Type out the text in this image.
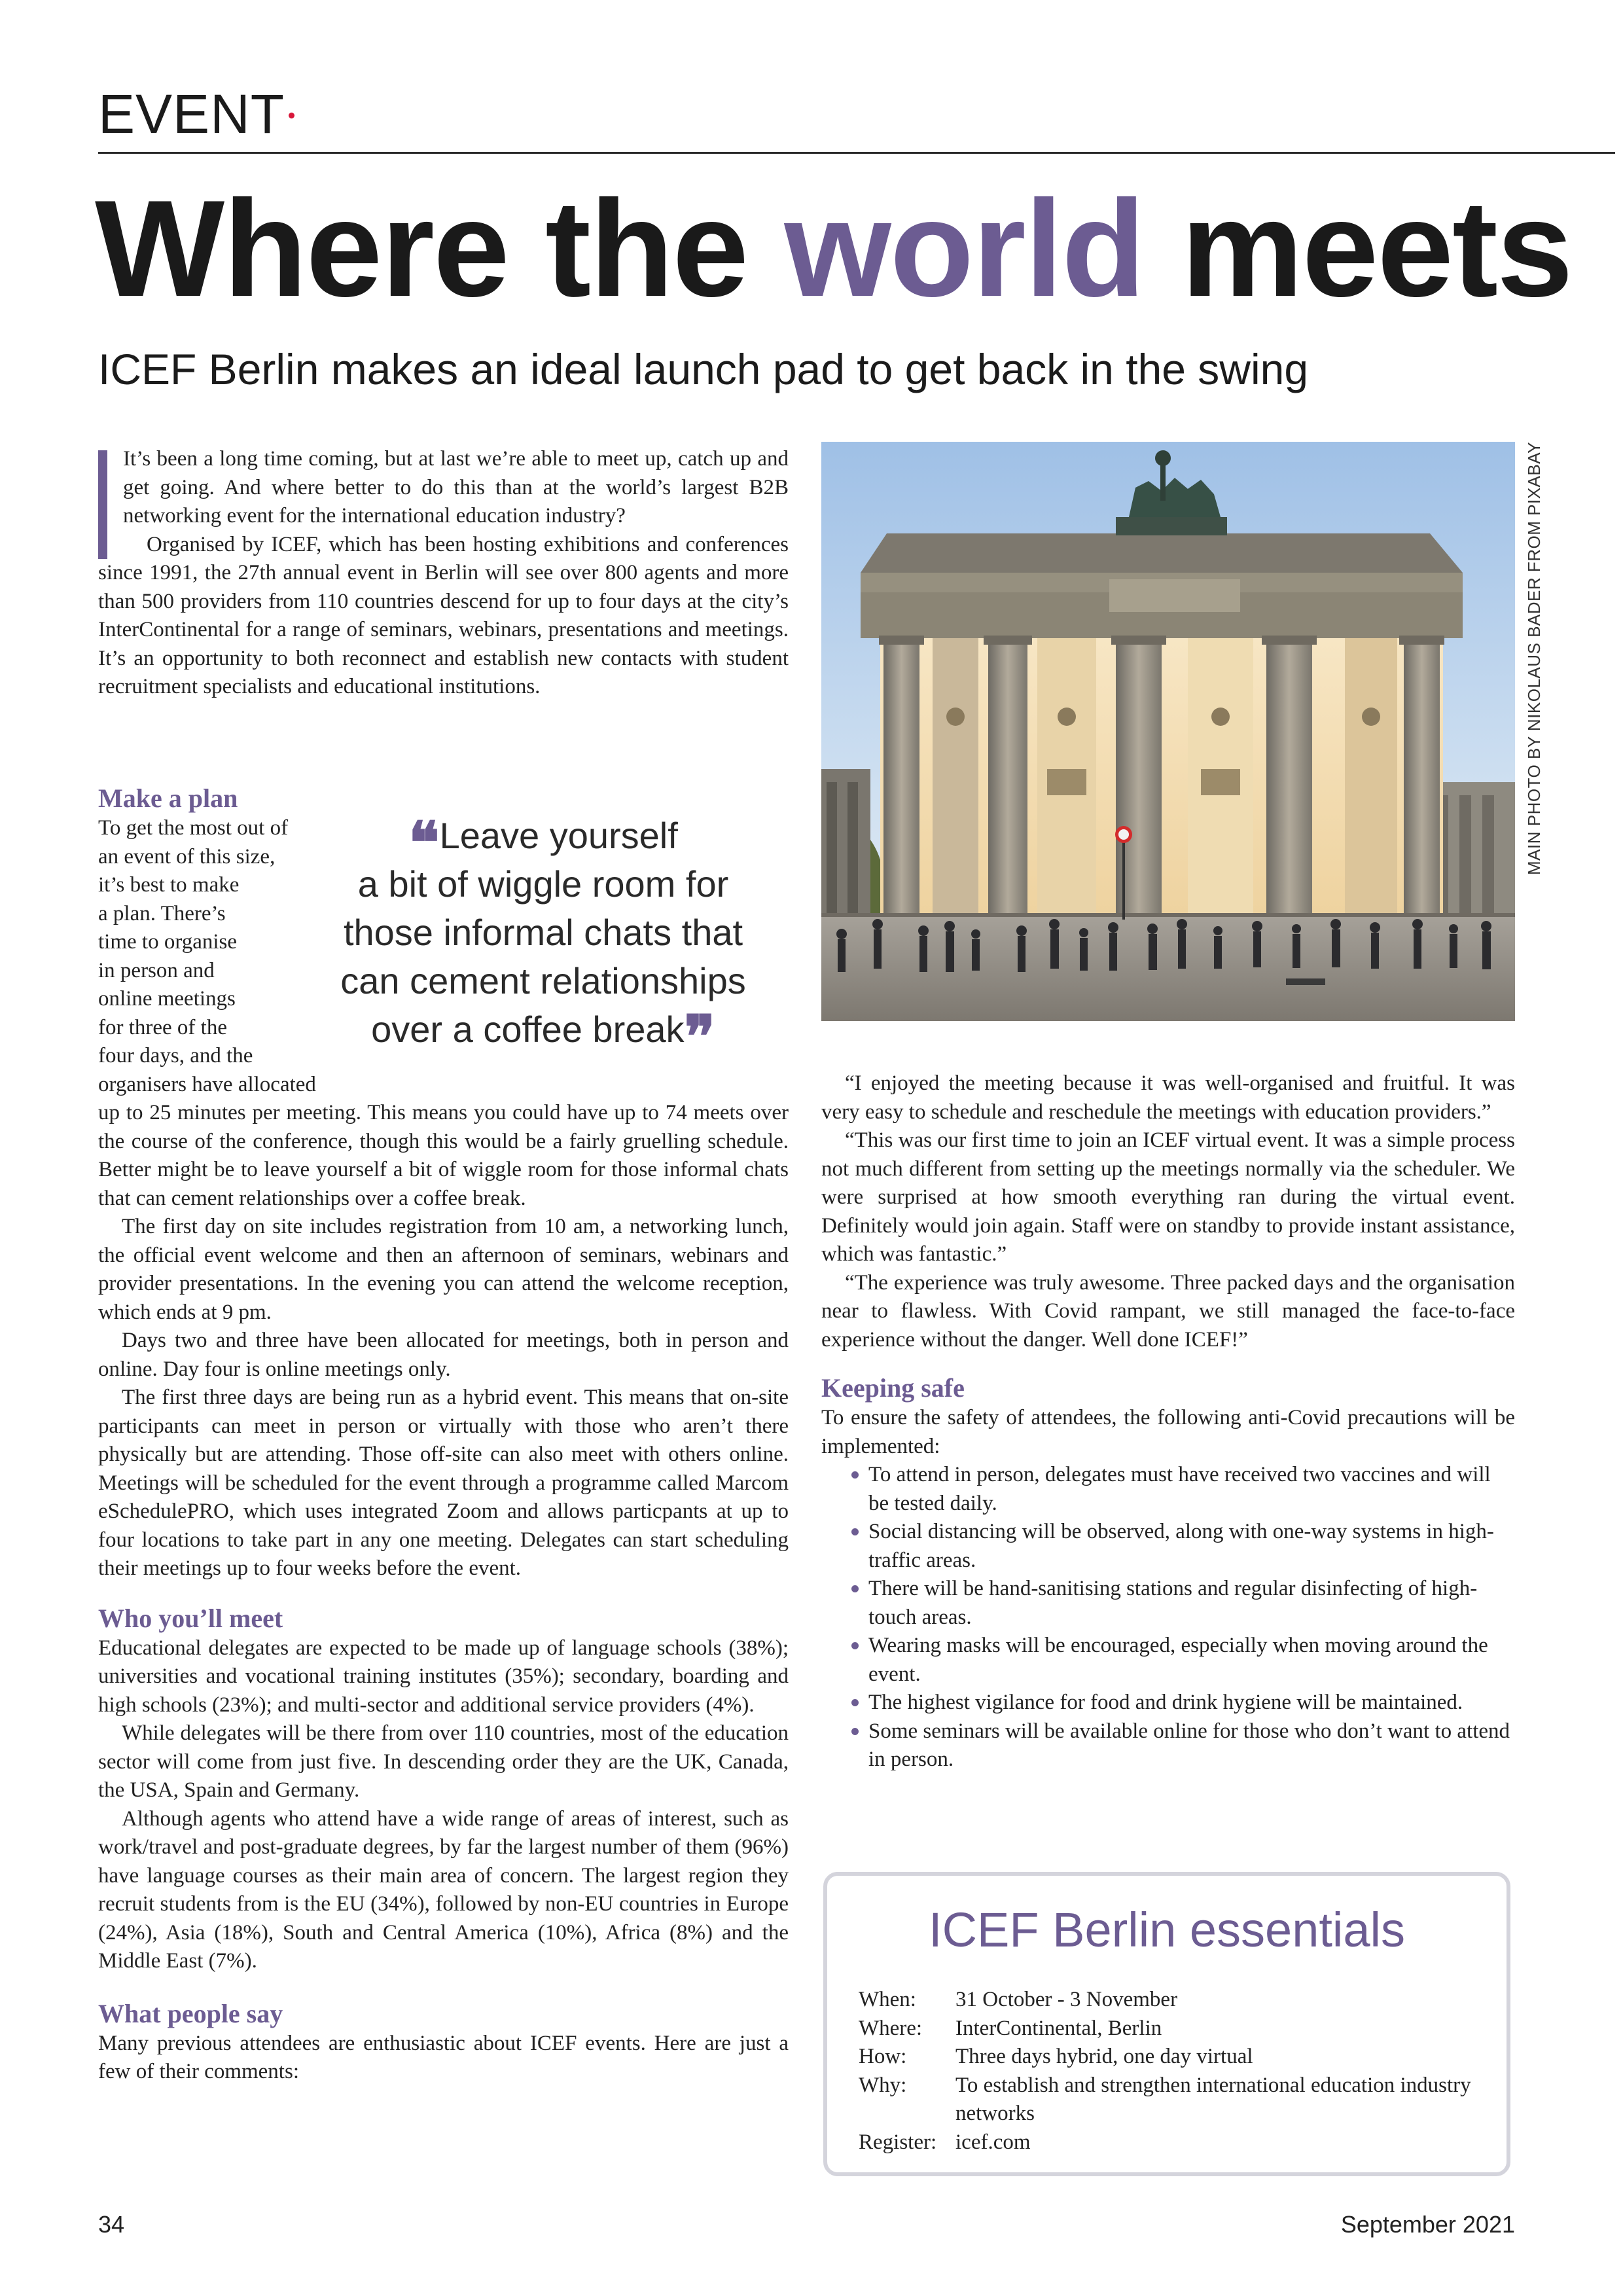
EVENT
Where the world meets
ICEF Berlin makes an ideal launch pad to get back in the swing

It’s been a long time coming, but at last we’re able to meet up, catch up and get going. And where better to do this than at the world’s largest B2B networking event for the international education industry?

Organised by ICEF, which has been hosting exhibitions and conferences since 1991, the 27th annual event in Berlin will see over 800 agents and more than 500 providers from 110 countries descend for up to four days at the city’s InterContinental for a range of seminars, webinars, presentations and meetings. It’s an opportunity to both reconnect and establish new contacts with student recruitment specialists and educational institutions.

Make a plan
To get the most out of
an event of this size,
it’s best to make
a plan. There’s
time to organise
in person and
online meetings
for three of the
four days, and the
organisers have allocated

up to 25 minutes per meeting. This means you could have up to 74 meets over the course of the conference, though this would be a fairly gruelling schedule. Better might be to leave yourself a bit of wiggle room for those informal chats that can cement relationships over a coffee break.

The first day on site includes registration from 10 am, a networking lunch, the official event welcome and then an afternoon of seminars, webinars and provider presentations. In the evening you can attend the welcome reception, which ends at 9 pm.

Days two and three have been allocated for meetings, both in person and online. Day four is online meetings only.

The first three days are being run as a hybrid event. This means that on-site participants can meet in person or virtually with those who aren’t there physically but are attending. Those off-site can also meet with others online. Meetings will be scheduled for the event through a programme called Marcom eSchedulePRO, which uses integrated Zoom and allows particpants at up to four locations to take part in any one meeting. Delegates can start scheduling their meetings up to four weeks before the event.

Who you’ll meet

Educational delegates are expected to be made up of language schools (38%); universities and vocational training institutes (35%); secondary, boarding and high schools (23%); and multi-sector and additional service providers (4%).

While delegates will be there from over 110 countries, most of the education sector will come from just five. In descending order they are the UK, Canada, the USA, Spain and Germany.

Although agents who attend have a wide range of areas of interest, such as work/travel and post-graduate degrees, by far the largest number of them (96%) have language courses as their main area of concern. The largest region they recruit students from is the EU (34%), followed by non-EU countries in Europe (24%), Asia (18%), South and Central America (10%), Africa (8%) and the Middle East (7%).

What people say

Many previous attendees are enthusiastic about ICEF events. Here are just a few of their comments:

❝Leave yourself
a bit of wiggle room for
those informal chats that
can cement relationships
over a coffee break❞
MAIN PHOTO BY NIKOLAUS BADER FROM PIXABAY

“I enjoyed the meeting because it was well-organised and fruitful. It was very easy to schedule and reschedule the meetings with education providers.”

“This was our first time to join an ICEF virtual event. It was a simple process not much different from setting up the meetings normally via the scheduler. We were surprised at how smooth everything ran during the virtual event. Definitely would join again. Staff were on standby to provide instant assistance, which was fantastic.”

“The experience was truly awesome. Three packed days and the organisation near to flawless. With Covid rampant, we still managed the face-to-face experience without the danger. Well done ICEF!”

Keeping safe

To ensure the safety of attendees, the following anti-Covid precautions will be implemented:

To attend in person, delegates must have received two vaccines and will be tested daily.
Social distancing will be observed, along with one-way systems in high-traffic areas.
There will be hand-sanitising stations and regular disinfecting of high-touch areas.
Wearing masks will be encouraged, especially when moving around the event.
The highest vigilance for food and drink hygiene will be maintained.
Some seminars will be available online for those who don’t want to attend in person.
ICEF Berlin essentials
When:	31 October - 3 November
Where:	InterContinental, Berlin
How:	Three days hybrid, one day virtual
Why:	To establish and strengthen international education industry networks
Register: icef.com
34	September 2021
